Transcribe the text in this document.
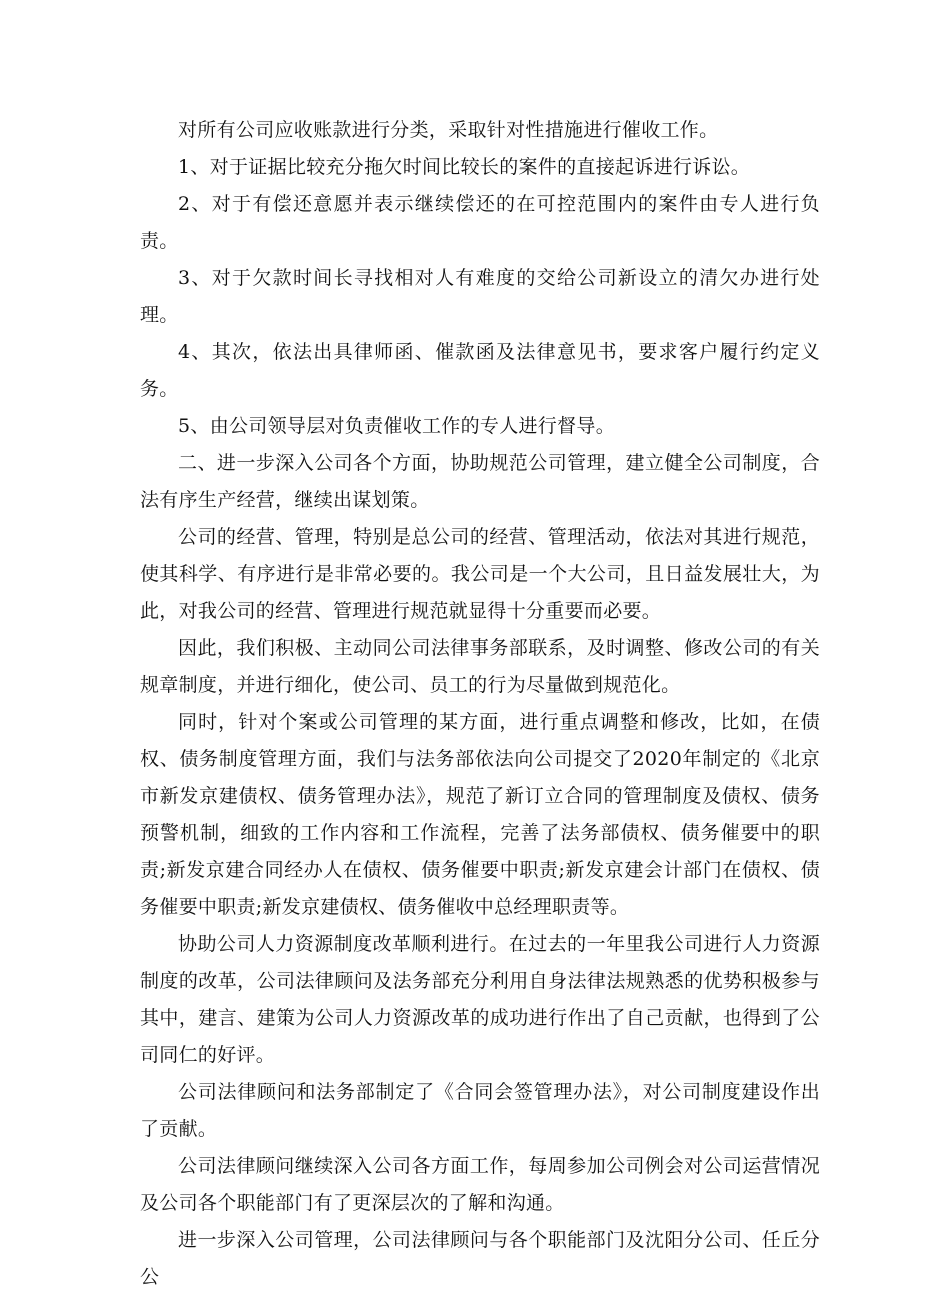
对所有公司应收账款进行分类，采取针对性措施进行催收工作。

1、对于证据比较充分拖欠时间比较长的案件的直接起诉进行诉讼。

2、对于有偿还意愿并表示继续偿还的在可控范围内的案件由专人进行负责。

3、对于欠款时间长寻找相对人有难度的交给公司新设立的清欠办进行处理。

4、其次，依法出具律师函、催款函及法律意见书，要求客户履行约定义务。

5、由公司领导层对负责催收工作的专人进行督导。

二、进一步深入公司各个方面，协助规范公司管理，建立健全公司制度，合法有序生产经营，继续出谋划策。

公司的经营、管理，特别是总公司的经营、管理活动，依法对其进行规范，使其科学、有序进行是非常必要的。我公司是一个大公司，且日益发展壮大，为此，对我公司的经营、管理进行规范就显得十分重要而必要。

因此，我们积极、主动同公司法律事务部联系，及时调整、修改公司的有关规章制度，并进行细化，使公司、员工的行为尽量做到规范化。

同时，针对个案或公司管理的某方面，进行重点调整和修改，比如，在债权、债务制度管理方面，我们与法务部依法向公司提交了2020年制定的《北京市新发京建债权、债务管理办法》，规范了新订立合同的管理制度及债权、债务预警机制，细致的工作内容和工作流程，完善了法务部债权、债务催要中的职责;新发京建合同经办人在债权、债务催要中职责;新发京建会计部门在债权、债务催要中职责;新发京建债权、债务催收中总经理职责等。

协助公司人力资源制度改革顺利进行。在过去的一年里我公司进行人力资源制度的改革，公司法律顾问及法务部充分利用自身法律法规熟悉的优势积极参与其中，建言、建策为公司人力资源改革的成功进行作出了自己贡献，也得到了公司同仁的好评。

公司法律顾问和法务部制定了《合同会签管理办法》，对公司制度建设作出了贡献。

公司法律顾问继续深入公司各方面工作，每周参加公司例会对公司运营情况及公司各个职能部门有了更深层次的了解和沟通。

进一步深入公司管理，公司法律顾问与各个职能部门及沈阳分公司、任丘分公
